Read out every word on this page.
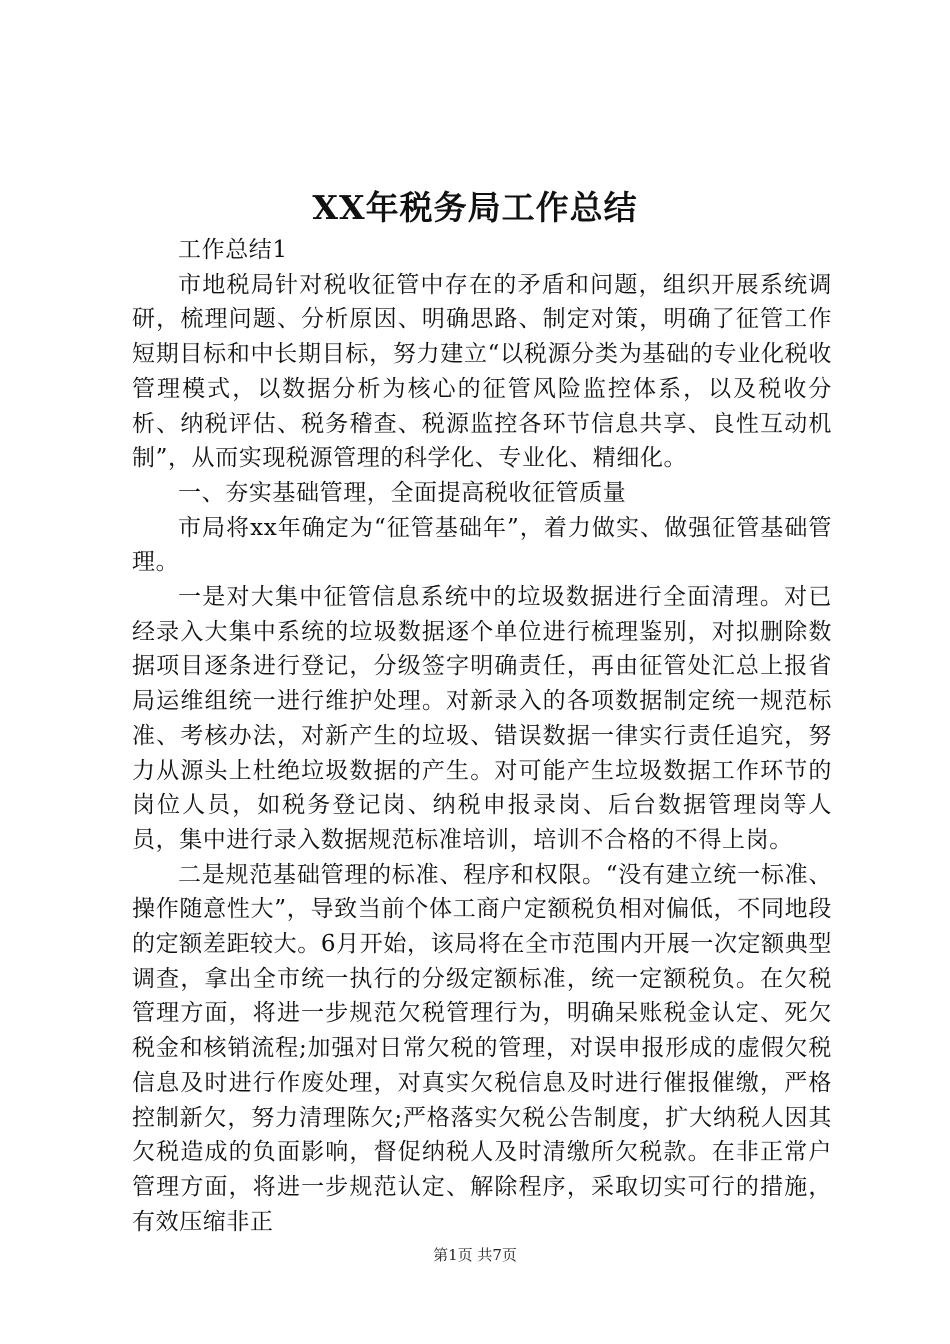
XX年税务局工作总结

工作总结1

市地税局针对税收征管中存在的矛盾和问题，组织开展系统调研，梳理问题、分析原因、明确思路、制定对策，明确了征管工作短期目标和中长期目标，努力建立“以税源分类为基础的专业化税收管理模式，以数据分析为核心的征管风险监控体系，以及税收分析、纳税评估、税务稽查、税源监控各环节信息共享、良性互动机制”，从而实现税源管理的科学化、专业化、精细化。

一、夯实基础管理，全面提高税收征管质量

市局将xx年确定为“征管基础年”，着力做实、做强征管基础管理。

一是对大集中征管信息系统中的垃圾数据进行全面清理。对已经录入大集中系统的垃圾数据逐个单位进行梳理鉴别，对拟删除数据项目逐条进行登记，分级签字明确责任，再由征管处汇总上报省局运维组统一进行维护处理。对新录入的各项数据制定统一规范标准、考核办法，对新产生的垃圾、错误数据一律实行责任追究，努力从源头上杜绝垃圾数据的产生。对可能产生垃圾数据工作环节的岗位人员，如税务登记岗、纳税申报录岗、后台数据管理岗等人员，集中进行录入数据规范标准培训，培训不合格的不得上岗。

二是规范基础管理的标准、程序和权限。“没有建立统一标准、操作随意性大”，导致当前个体工商户定额税负相对偏低，不同地段的定额差距较大。6月开始，该局将在全市范围内开展一次定额典型调查，拿出全市统一执行的分级定额标准，统一定额税负。在欠税管理方面，将进一步规范欠税管理行为，明确呆账税金认定、死欠税金和核销流程;加强对日常欠税的管理，对误申报形成的虚假欠税信息及时进行作废处理，对真实欠税信息及时进行催报催缴，严格控制新欠，努力清理陈欠;严格落实欠税公告制度，扩大纳税人因其欠税造成的负面影响，督促纳税人及时清缴所欠税款。在非正常户管理方面，将进一步规范认定、解除程序，采取切实可行的措施，有效压缩非正

第1页 共7页
